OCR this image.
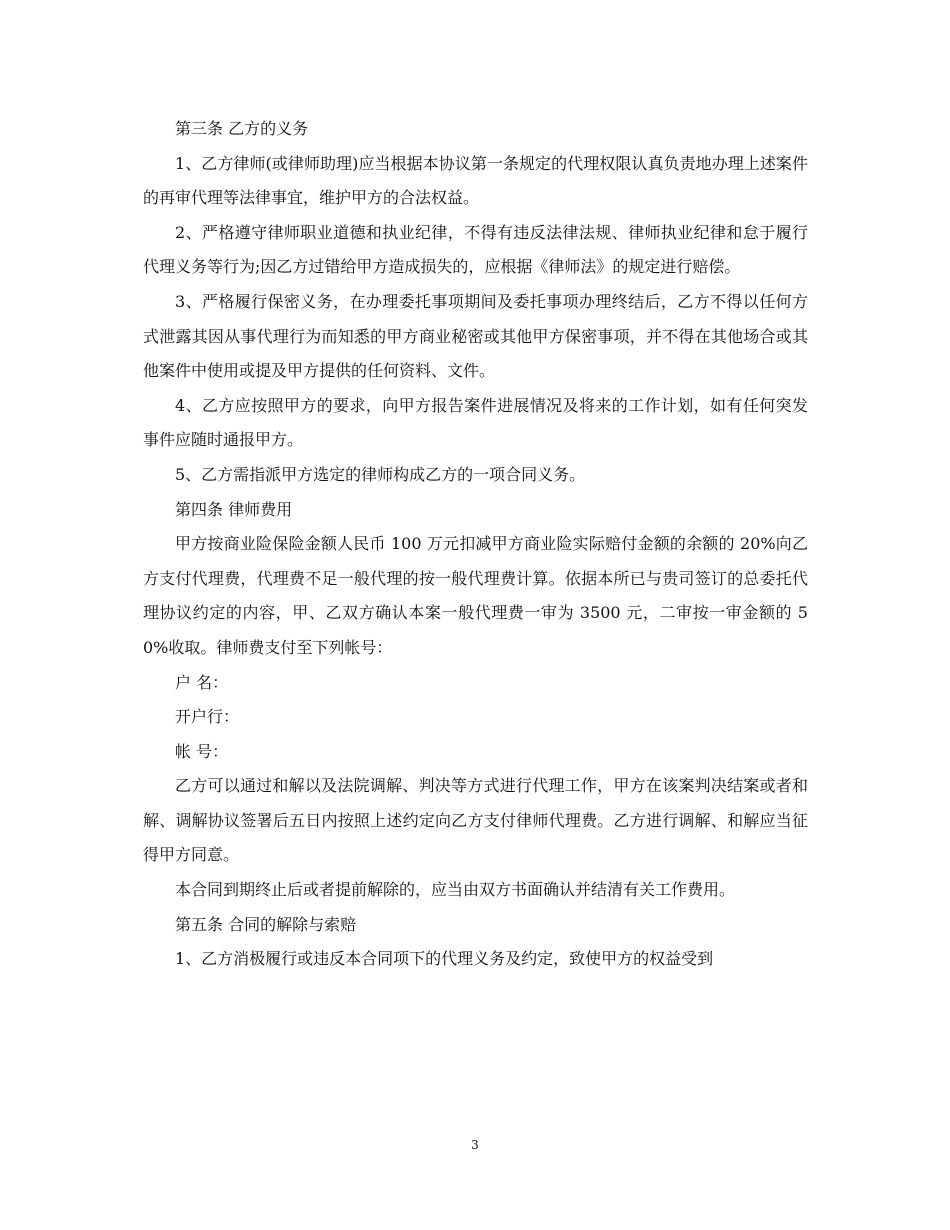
第三条 乙方的义务

1、乙方律师(或律师助理)应当根据本协议第一条规定的代理权限认真负责地办理上述案件的再审代理等法律事宜，维护甲方的合法权益。

2、严格遵守律师职业道德和执业纪律，不得有违反法律法规、律师执业纪律和怠于履行代理义务等行为;因乙方过错给甲方造成损失的，应根据《律师法》的规定进行赔偿。

3、严格履行保密义务，在办理委托事项期间及委托事项办理终结后，乙方不得以任何方式泄露其因从事代理行为而知悉的甲方商业秘密或其他甲方保密事项，并不得在其他场合或其他案件中使用或提及甲方提供的任何资料、文件。

4、乙方应按照甲方的要求，向甲方报告案件进展情况及将来的工作计划，如有任何突发事件应随时通报甲方。

5、乙方需指派甲方选定的律师构成乙方的一项合同义务。

第四条 律师费用

甲方按商业险保险金额人民币 100 万元扣减甲方商业险实际赔付金额的余额的 20%向乙方支付代理费，代理费不足一般代理的按一般代理费计算。依据本所已与贵司签订的总委托代理协议约定的内容，甲、乙双方确认本案一般代理费一审为 3500 元，二审按一审金额的 50%收取。律师费支付至下列帐号：

户 名：

开户行：

帐 号：

乙方可以通过和解以及法院调解、判决等方式进行代理工作，甲方在该案判决结案或者和解、调解协议签署后五日内按照上述约定向乙方支付律师代理费。乙方进行调解、和解应当征得甲方同意。

本合同到期终止后或者提前解除的，应当由双方书面确认并结清有关工作费用。

第五条 合同的解除与索赔

1、乙方消极履行或违反本合同项下的代理义务及约定，致使甲方的权益受到

3
